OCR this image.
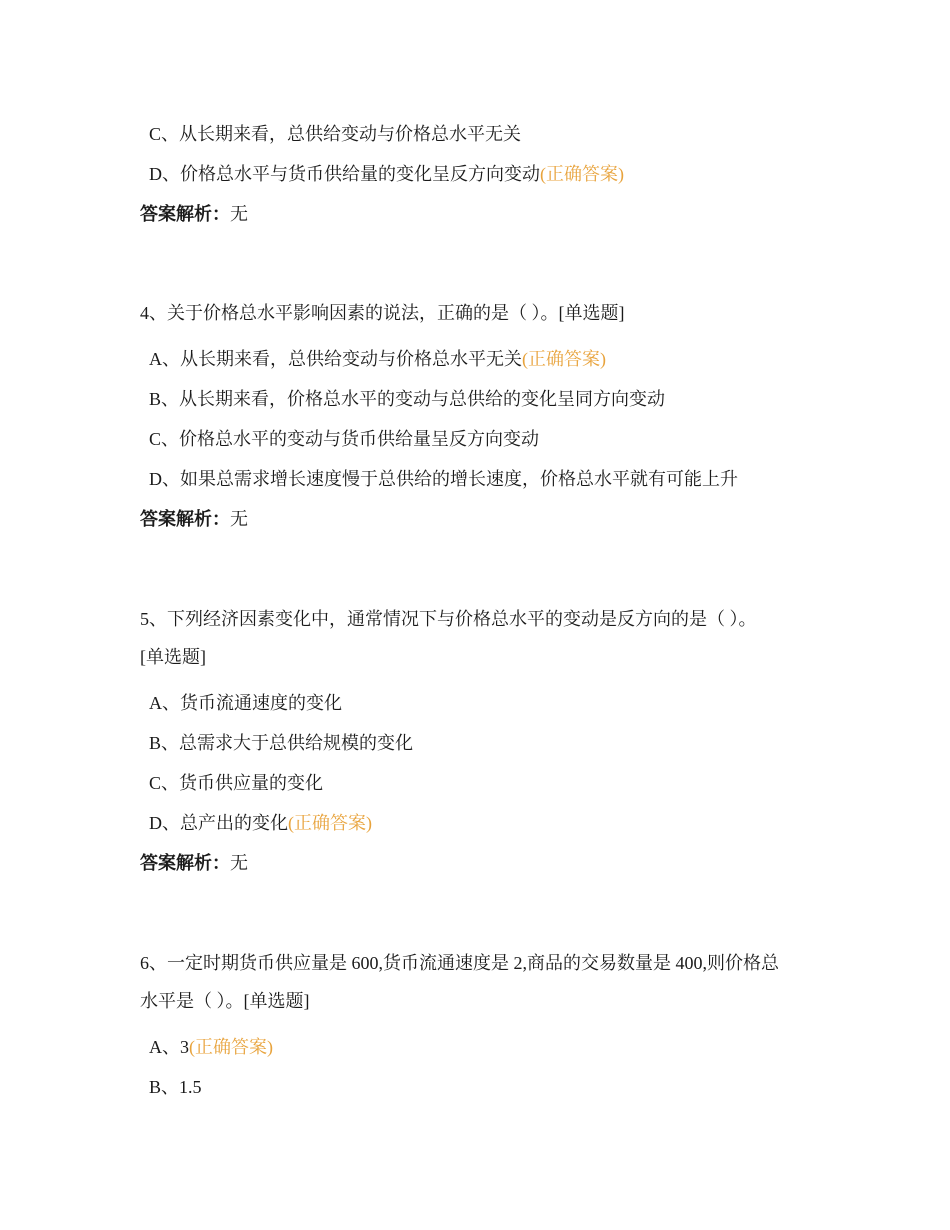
C、从长期来看，总供给变动与价格总水平无关
D、价格总水平与货币供给量的变化呈反方向变动(正确答案)
答案解析：无
4、关于价格总水平影响因素的说法，正确的是（ ）。[单选题]
A、从长期来看，总供给变动与价格总水平无关(正确答案)
B、从长期来看，价格总水平的变动与总供给的变化呈同方向变动
C、价格总水平的变动与货币供给量呈反方向变动
D、如果总需求增长速度慢于总供给的增长速度，价格总水平就有可能上升
答案解析：无
5、下列经济因素变化中，通常情况下与价格总水平的变动是反方向的是（ ）。
[单选题]
A、货币流通速度的变化
B、总需求大于总供给规模的变化
C、货币供应量的变化
D、总产出的变化(正确答案)
答案解析：无
6、一定时期货币供应量是 600,货币流通速度是 2,商品的交易数量是 400,则价格总
水平是（ ）。[单选题]
A、3(正确答案)
B、1.5
